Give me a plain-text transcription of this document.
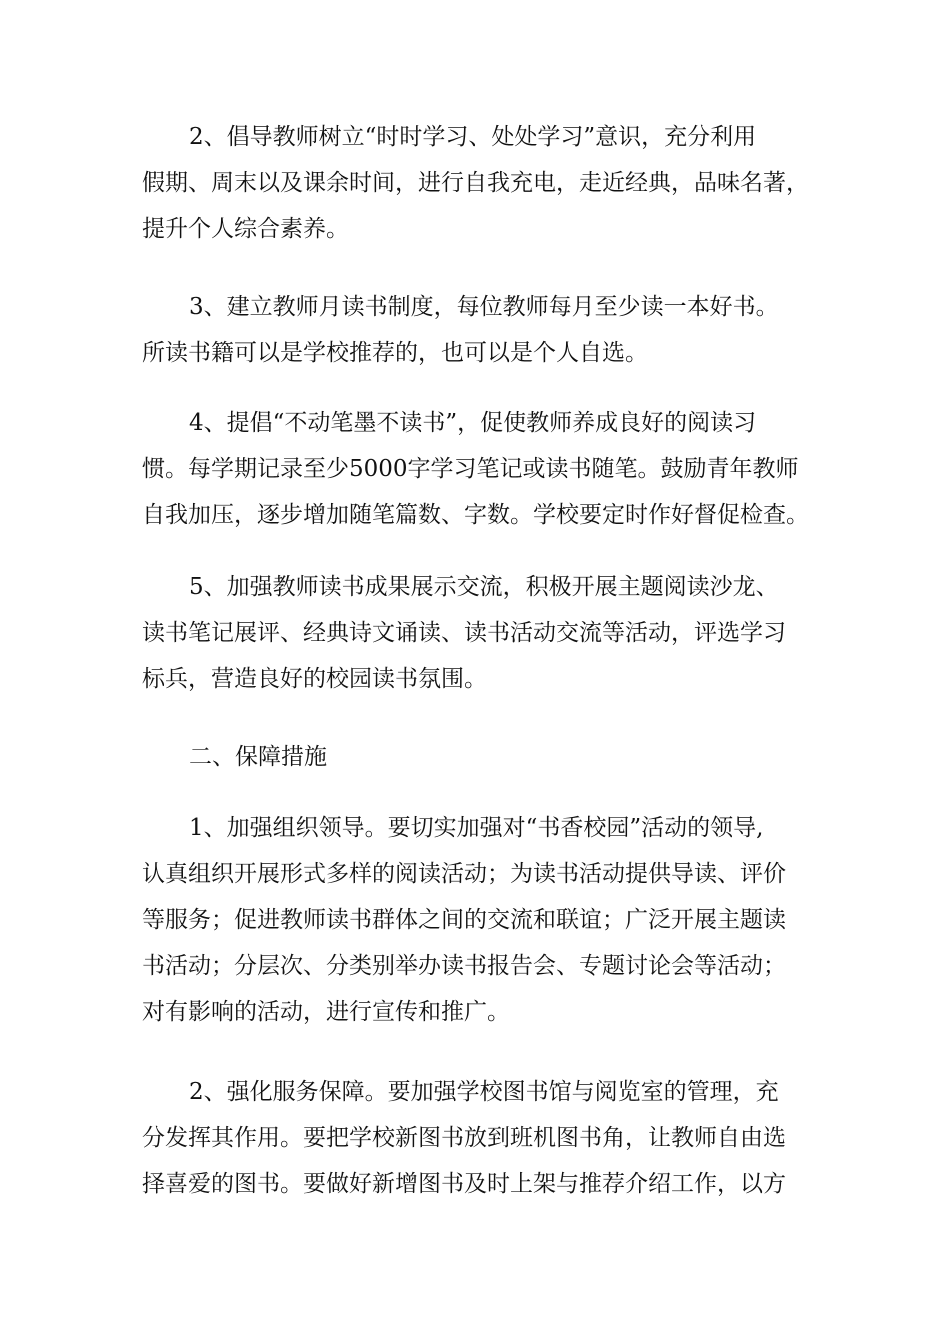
2、倡导教师树立“时时学习、处处学习”意识，充分利用
假期、周末以及课余时间，进行自我充电，走近经典，品味名著，
提升个人综合素养。

3、建立教师月读书制度，每位教师每月至少读一本好书。
所读书籍可以是学校推荐的，也可以是个人自选。

4、提倡“不动笔墨不读书”，促使教师养成良好的阅读习
惯。每学期记录至少5000字学习笔记或读书随笔。鼓励青年教师
自我加压，逐步增加随笔篇数、字数。学校要定时作好督促检查。

5、加强教师读书成果展示交流，积极开展主题阅读沙龙、
读书笔记展评、经典诗文诵读、读书活动交流等活动，评选学习
标兵，营造良好的校园读书氛围。

二、保障措施

1、加强组织领导。要切实加强对“书香校园”活动的领导,
认真组织开展形式多样的阅读活动；为读书活动提供导读、评价
等服务；促进教师读书群体之间的交流和联谊；广泛开展主题读
书活动；分层次、分类别举办读书报告会、专题讨论会等活动；
对有影响的活动，进行宣传和推广。

2、强化服务保障。要加强学校图书馆与阅览室的管理，充
分发挥其作用。要把学校新图书放到班机图书角，让教师自由选
择喜爱的图书。要做好新增图书及时上架与推荐介绍工作，以方
